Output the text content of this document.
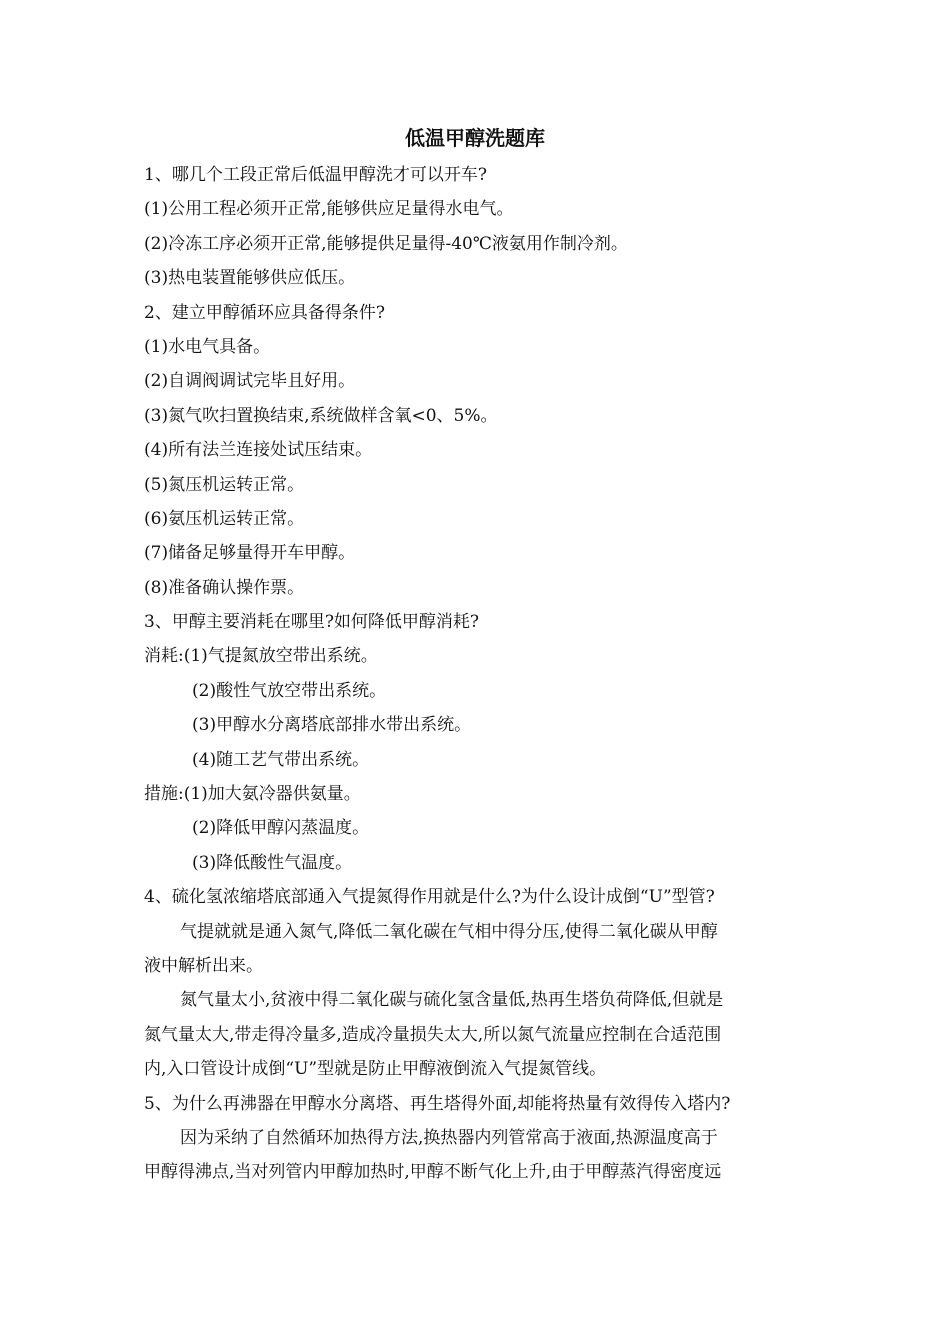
低温甲醇洗题库
1、哪几个工段正常后低温甲醇洗才可以开车?
(1)公用工程必须开正常,能够供应足量得水电气。
(2)冷冻工序必须开正常,能够提供足量得-40℃液氨用作制冷剂。
(3)热电装置能够供应低压。
2、建立甲醇循环应具备得条件?
(1)水电气具备。
(2)自调阀调试完毕且好用。
(3)氮气吹扫置换结束,系统做样含氧<0、5%。
(4)所有法兰连接处试压结束。
(5)氮压机运转正常。
(6)氨压机运转正常。
(7)储备足够量得开车甲醇。
(8)准备确认操作票。
3、甲醇主要消耗在哪里?如何降低甲醇消耗?
消耗:(1)气提氮放空带出系统。
(2)酸性气放空带出系统。
(3)甲醇水分离塔底部排水带出系统。
(4)随工艺气带出系统。
措施:(1)加大氨冷器供氨量。
(2)降低甲醇闪蒸温度。
(3)降低酸性气温度。
4、硫化氢浓缩塔底部通入气提氮得作用就是什么?为什么设计成倒“U”型管?
气提就就是通入氮气,降低二氧化碳在气相中得分压,使得二氧化碳从甲醇
液中解析出来。
氮气量太小,贫液中得二氧化碳与硫化氢含量低,热再生塔负荷降低,但就是
氮气量太大,带走得冷量多,造成冷量损失太大,所以氮气流量应控制在合适范围
内,入口管设计成倒“U”型就是防止甲醇液倒流入气提氮管线。
5、为什么再沸器在甲醇水分离塔、再生塔得外面,却能将热量有效得传入塔内?
因为采纳了自然循环加热得方法,换热器内列管常高于液面,热源温度高于
甲醇得沸点,当对列管内甲醇加热时,甲醇不断气化上升,由于甲醇蒸汽得密度远
